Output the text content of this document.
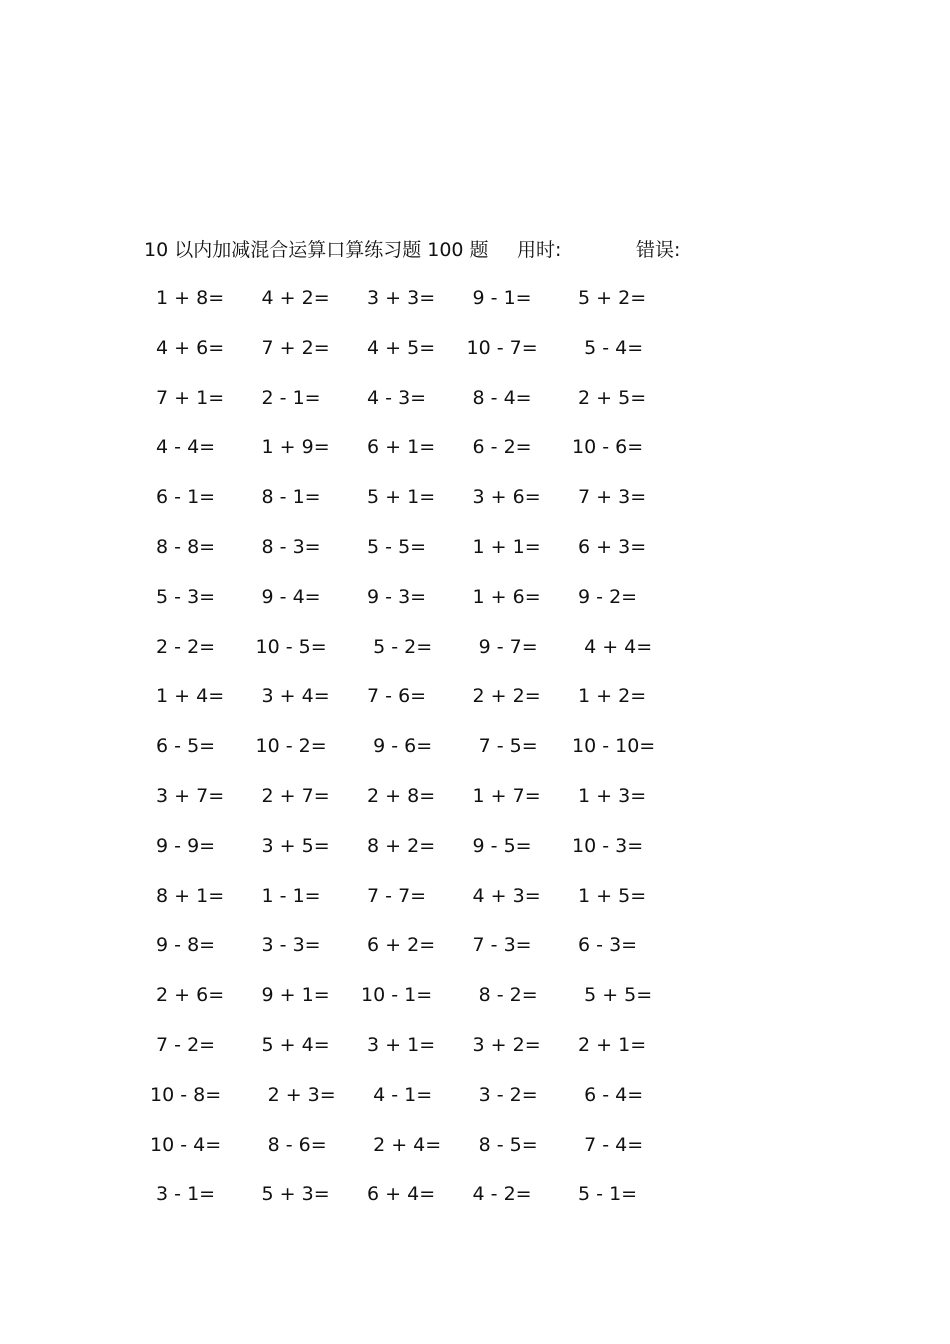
10 以内加减混合运算口算练习题 100 题 用时:	错误:
1 + 8=	4 + 2=	3 + 3=	9 - 1=	5 + 2=
4 + 6=	7 + 2=	4 + 5=	10 - 7=	5 - 4=
7 + 1=	2 - 1=	4 - 3=	8 - 4=	2 + 5=
4 - 4=	1 + 9=	6 + 1=	6 - 2=	10 - 6=
6 - 1=	8 - 1=	5 + 1=	3 + 6=	7 + 3=
8 - 8=	8 - 3=	5 - 5=	1 + 1=	6 + 3=
5 - 3=	9 - 4=	9 - 3=	1 + 6=	9 - 2=
2 - 2=	10 - 5=	5 - 2=	9 - 7=	4 + 4=
1 + 4=	3 + 4=	7 - 6=	2 + 2=	1 + 2=
6 - 5=	10 - 2=	9 - 6=	7 - 5=	10 - 10=
3 + 7=	2 + 7=	2 + 8=	1 + 7=	1 + 3=
9 - 9=	3 + 5=	8 + 2=	9 - 5=	10 - 3=
8 + 1=	1 - 1=	7 - 7=	4 + 3=	1 + 5=
9 - 8=	3 - 3=	6 + 2=	7 - 3=	6 - 3=
2 + 6=	9 + 1=	10 - 1=	8 - 2=	5 + 5=
7 - 2=	5 + 4=	3 + 1=	3 + 2=	2 + 1=
10 - 8=	2 + 3=	4 - 1=	3 - 2=	6 - 4=
10 - 4=	8 - 6=	2 + 4=	8 - 5=	7 - 4=
3 - 1=	5 + 3=	6 + 4=	4 - 2=	5 - 1=
